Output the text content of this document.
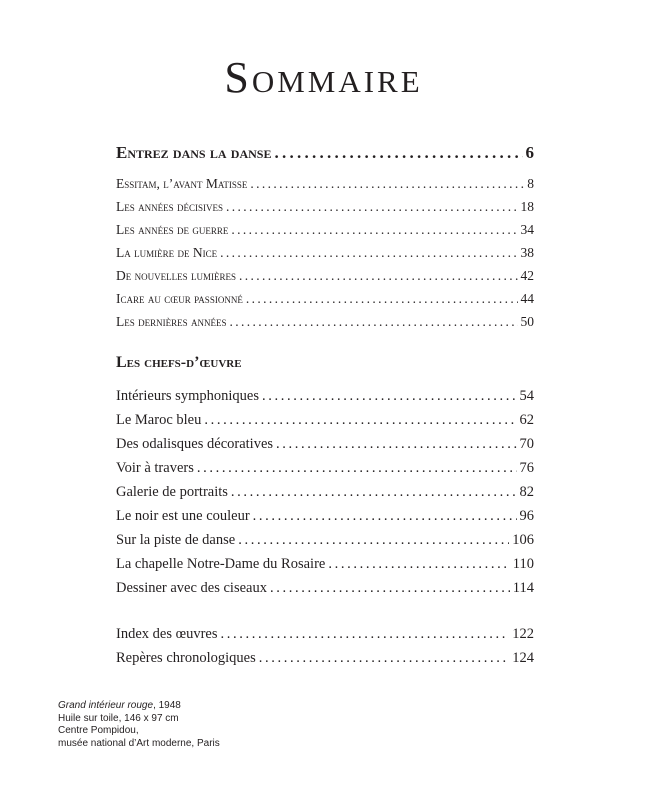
Sommaire
Entrez dans la danse . . .	6
Essitam, l’avant Matisse . . .	8
Les années décisives . . .	18
Les années de guerre . . .	34
La lumière de Nice . . .	38
De nouvelles lumières . . .	42
Icare au cœur passionné . . .	44
Les dernières années . . .	50
Les chefs-d’œuvre
Intérieurs symphoniques . . .	54
Le Maroc bleu . . .	62
Des odalisques décoratives . . .	70
Voir à travers . . .	76
Galerie de portraits . . .	82
Le noir est une couleur . . .	96
Sur la piste de danse . . .	106
La chapelle Notre-Dame du Rosaire . . .	110
Dessiner avec des ciseaux . . .	114
Index des œuvres . . .	122
Repères chronologiques . . .	124
Grand intérieur rouge, 1948
Huile sur toile, 146 x 97 cm
Centre Pompidou,
musée national d’Art moderne, Paris
